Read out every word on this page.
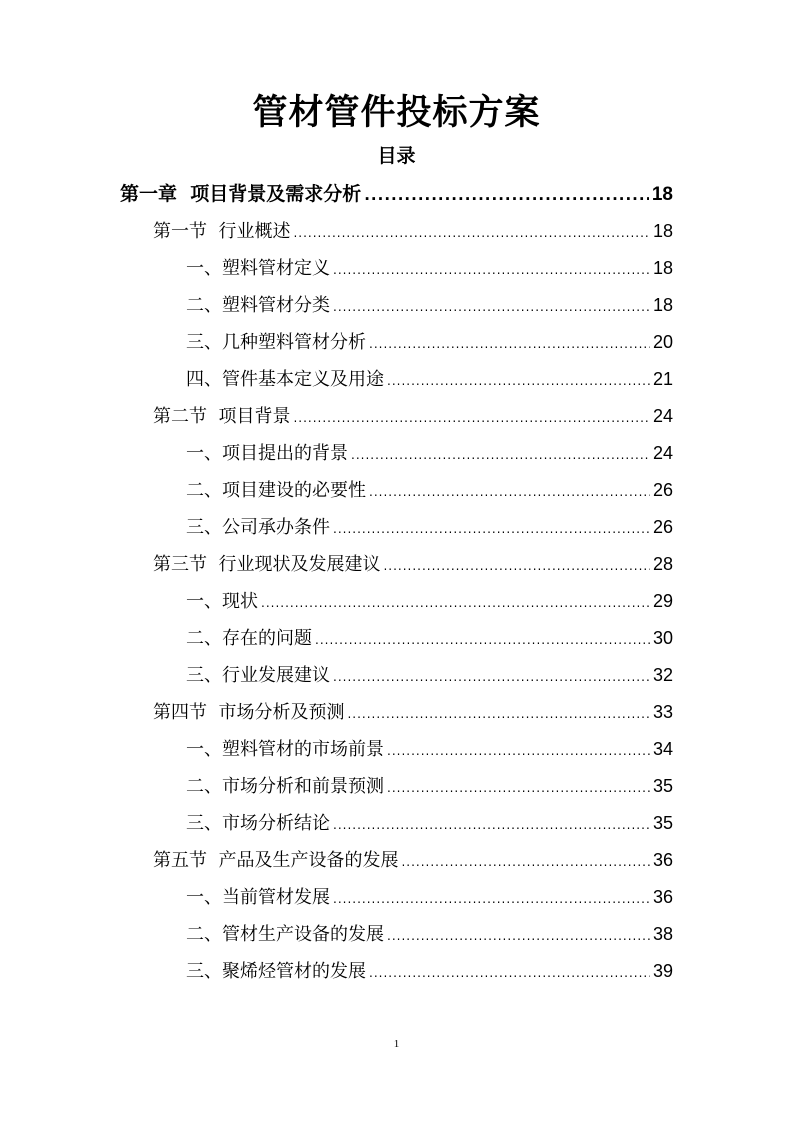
管材管件投标方案
目录
第一章  项目背景及需求分析 .....	18
第一节  行业概述 .....	18
一、塑料管材定义 .....	18
二、塑料管材分类 .....	18
三、几种塑料管材分析 .....	20
四、管件基本定义及用途 .....	21
第二节  项目背景 .....	24
一、项目提出的背景 .....	24
二、项目建设的必要性 .....	26
三、公司承办条件 .....	26
第三节  行业现状及发展建议 .....	28
一、现状 .....	29
二、存在的问题 .....	30
三、行业发展建议 .....	32
第四节  市场分析及预测 .....	33
一、塑料管材的市场前景 .....	34
二、市场分析和前景预测 .....	35
三、市场分析结论 .....	35
第五节  产品及生产设备的发展 .....	36
一、当前管材发展 .....	36
二、管材生产设备的发展 .....	38
三、聚烯烃管材的发展 .....	39
1
